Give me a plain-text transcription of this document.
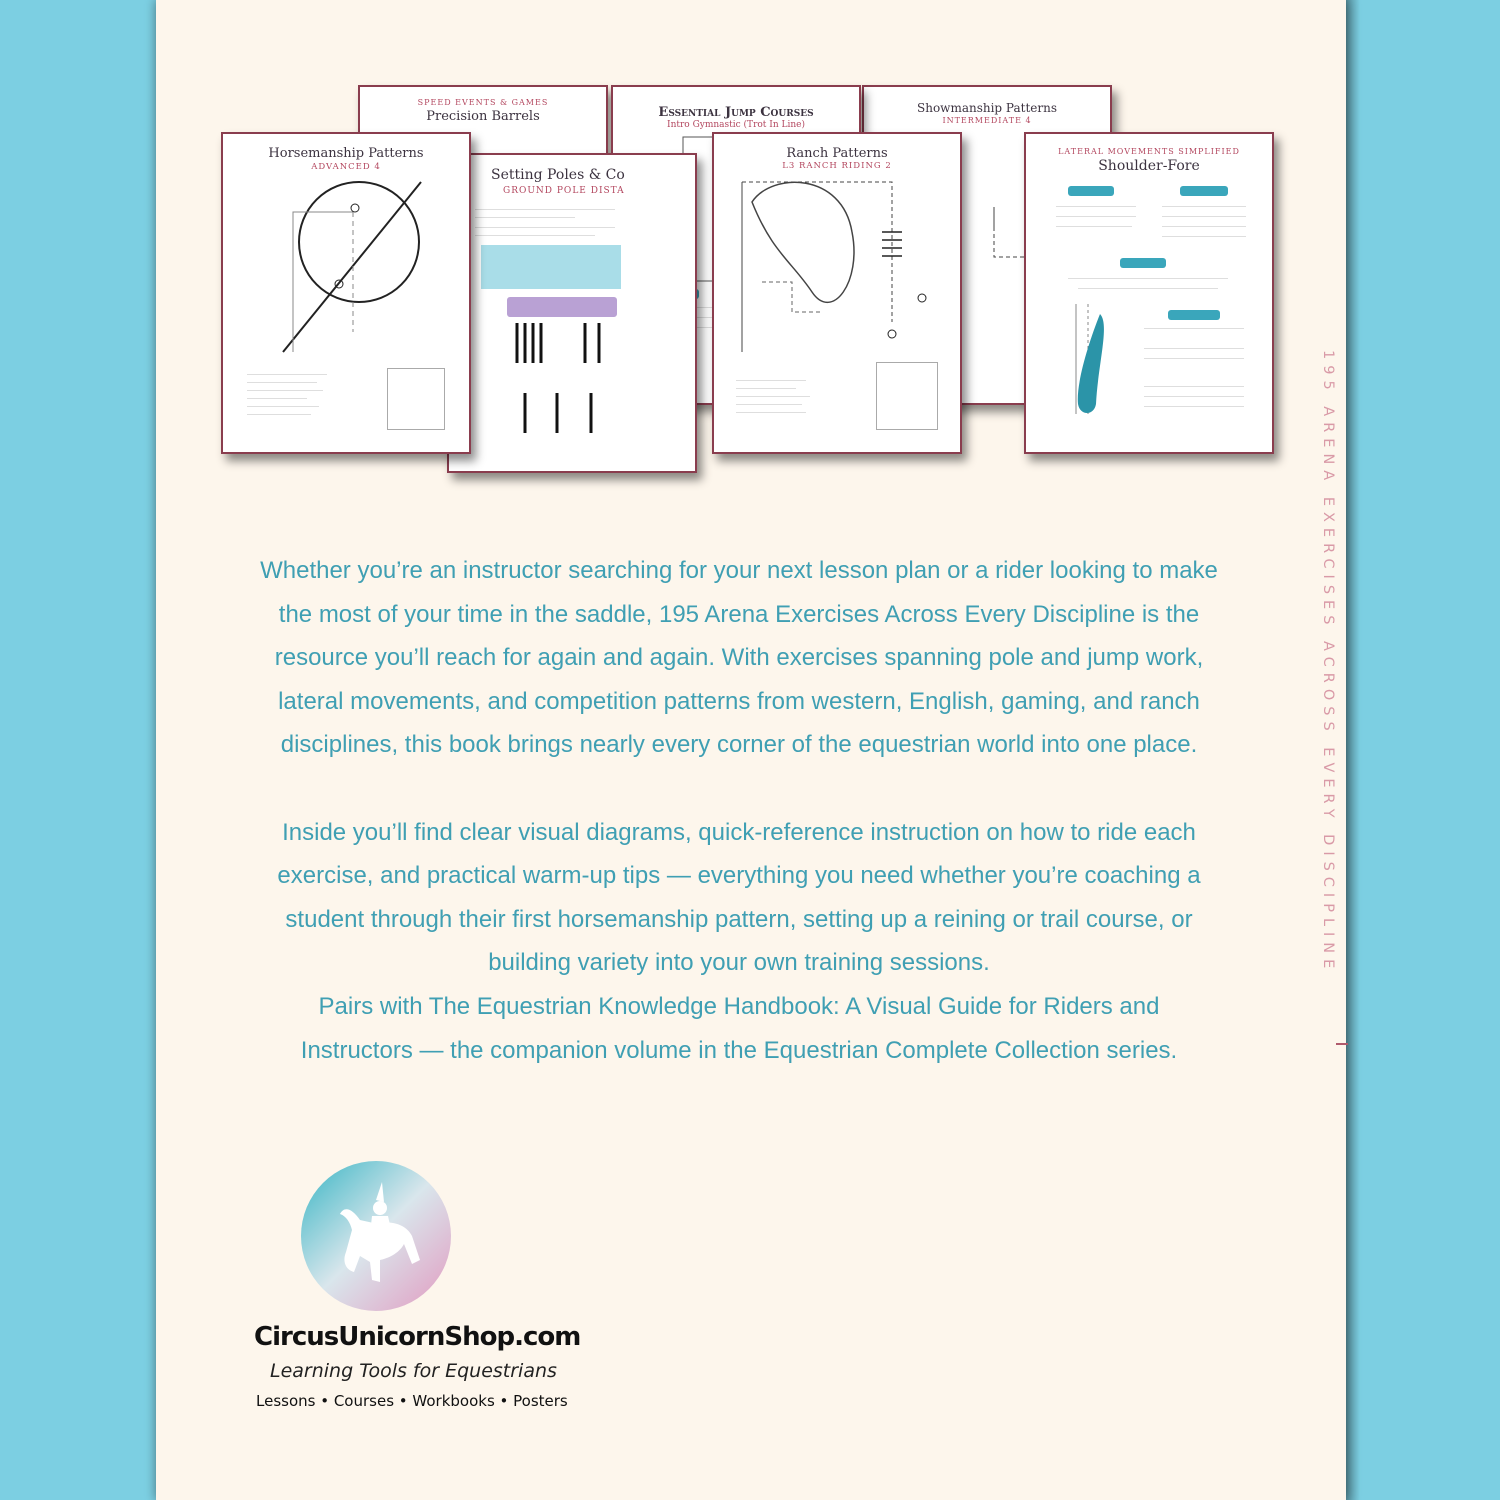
SPEED EVENTS & GAMES
Precision Barrels
Showmanship Patterns
INTERMEDIATE 4
Essential Jump Courses
Intro Gymnastic (Trot In Line)
Setting Poles & Co
GROUND POLE DISTA
Horsemanship Patterns
ADVANCED 4
Ranch Patterns
L3 RANCH RIDING 2
LATERAL MOVEMENTS SIMPLIFIED
Shoulder-Fore

Whether you’re an instructor searching for your next lesson plan or a rider looking to make the most of your time in the saddle, 195 Arena Exercises Across Every Discipline is the resource you’ll reach for again and again. With exercises spanning pole and jump work, lateral movements, and competition patterns from western, English, gaming, and ranch disciplines, this book brings nearly every corner of the equestrian world into one place.

Inside you’ll find clear visual diagrams, quick-reference instruction on how to ride each exercise, and practical warm-up tips — everything you need whether you’re coaching a student through their first horsemanship pattern, setting up a reining or trail course, or building variety into your own training sessions.

Pairs with The Equestrian Knowledge Handbook: A Visual Guide for Riders and Instructors — the companion volume in the Equestrian Complete Collection series.

195 ARENA EXERCISES ACROSS EVERY DISCIPLINE
CircusUnicornShop.com
Learning Tools for Equestrians
Lessons • Courses • Workbooks • Posters
